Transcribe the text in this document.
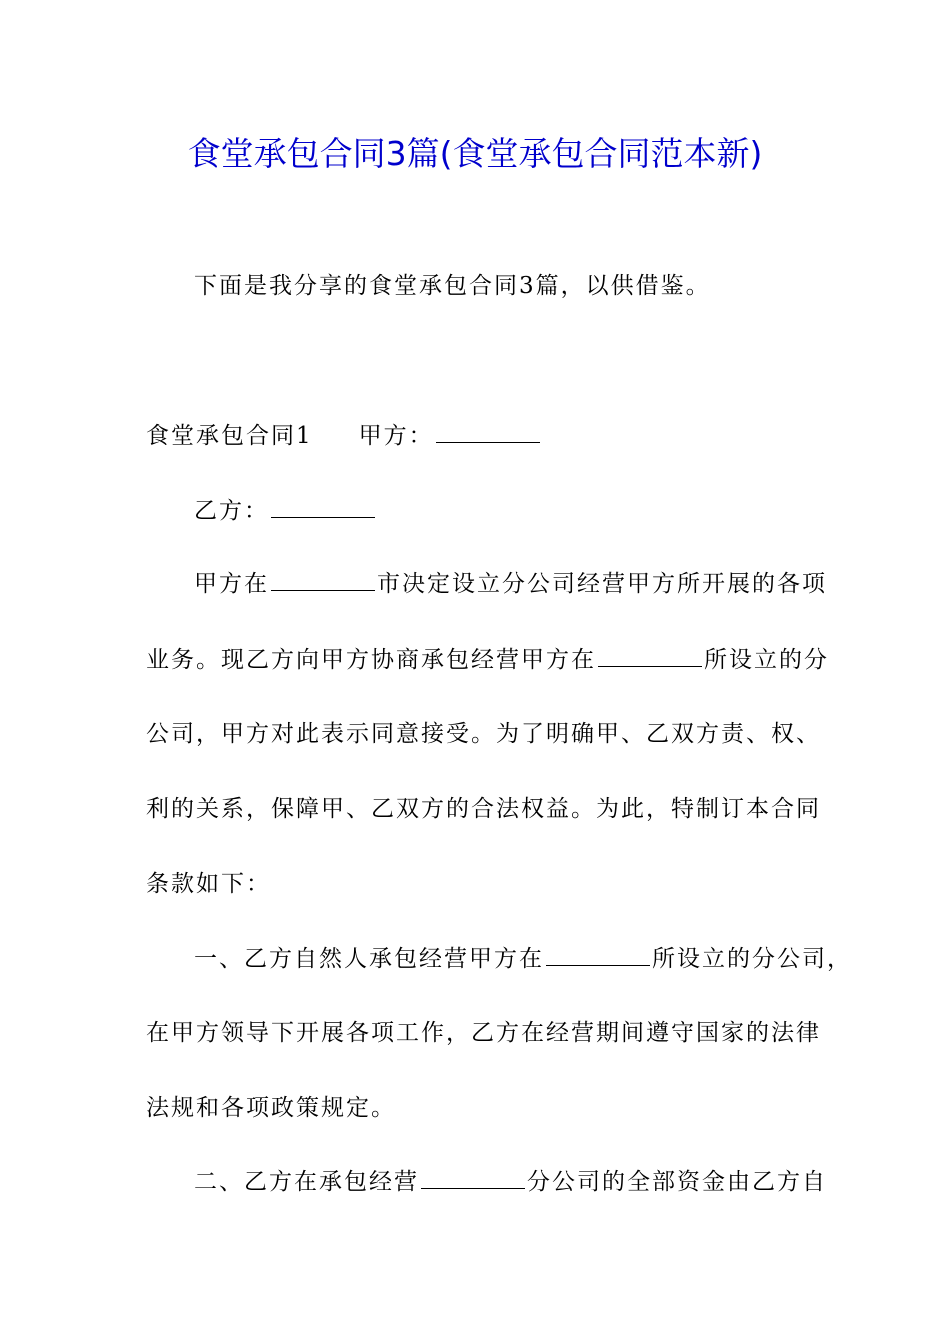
食堂承包合同3篇(食堂承包合同范本新)
下面是我分享的食堂承包合同3篇，以供借鉴。
食堂承包合同1 甲方：
乙方：
甲方在	市决定设立分公司经营甲方所开展的各项
业务。现乙方向甲方协商承包经营甲方在	所设立的分
公司，甲方对此表示同意接受。为了明确甲、乙双方责、权、
利的关系，保障甲、乙双方的合法权益。为此，特制订本合同
条款如下：
一、乙方自然人承包经营甲方在	所设立的分公司，
在甲方领导下开展各项工作，乙方在经营期间遵守国家的法律
法规和各项政策规定。
二、乙方在承包经营	分公司的全部资金由乙方自
